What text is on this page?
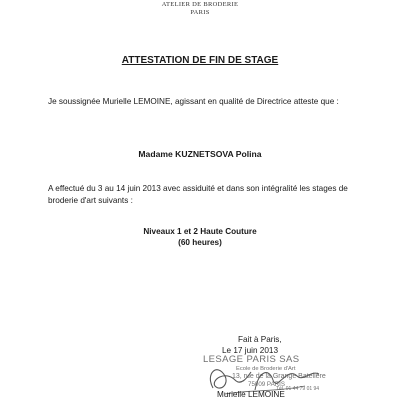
ATELIER DE BRODERIE
PARIS
ATTESTATION DE FIN DE STAGE
Je soussignée Murielle LEMOINE, agissant en qualité de Directrice atteste que :
Madame KUZNETSOVA Polina
A effectué du 3 au 14 juin 2013 avec assiduité et dans son intégralité les stages de
broderie d'art suivants :
Niveaux 1 et 2 Haute Couture
(60 heures)
Fait à Paris,
Le 17 juin 2013
LESAGE PARIS SAS
Ecole de Broderie d'Art
13, rue de la Grange Batelière
75009 PARIS
Tél. 01 44 79 01 94
Murielle LEMOINE
